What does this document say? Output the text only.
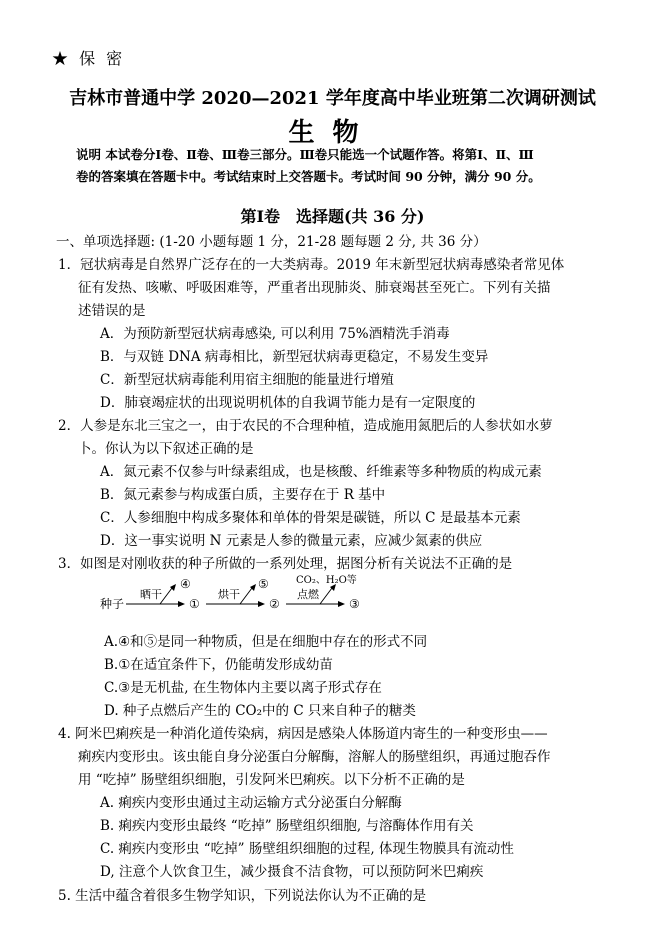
★ 保 密
吉林市普通中学 2020—2021 学年度高中毕业班第二次调研测试
生物
说明 本试卷分Ⅰ卷、Ⅱ卷、Ⅲ卷三部分。Ⅲ卷只能选一个试题作答。将第Ⅰ、Ⅱ、Ⅲ
卷的答案填在答题卡中。考试结束时上交答题卡。考试时间 90 分钟，满分 90 分。
第Ⅰ卷　选择题(共 36 分)
一、单项选择题: (1-20 小题每题 1 分，21-28 题每题 2 分, 共 36 分）
1．冠状病毒是自然界广泛存在的一大类病毒。2019 年末新型冠状病毒感染者常见体
征有发热、咳嗽、呼吸困难等，严重者出现肺炎、肺衰竭甚至死亡。下列有关描
述错误的是
A．为预防新型冠状病毒感染, 可以利用 75%酒精洗手消毒
B．与双链 DNA 病毒相比，新型冠状病毒更稳定，不易发生变异
C．新型冠状病毒能利用宿主细胞的能量进行增殖
D．肺衰竭症状的出现说明机体的自我调节能力是有一定限度的
2．人参是东北三宝之一，由于农民的不合理种植，造成施用氮肥后的人参状如水萝
卜。你认为以下叙述正确的是
A．氮元素不仅参与叶绿素组成，也是核酸、纤维素等多种物质的构成元素
B．氮元素参与构成蛋白质，主要存在于 R 基中
C．人参细胞中构成多聚体和单体的骨架是碳链，所以 C 是最基本元素
D．这一事实说明 N 元素是人参的微量元素，应减少氮素的供应
3．如图是对刚收获的种子所做的一系列处理，据图分析有关说法不正确的是
种子
晒干
④
①
烘干
⑤
②
点燃
CO₂、H₂O等
③
A.④和⑤是同一种物质，但是在细胞中存在的形式不同
B.①在适宜条件下，仍能萌发形成幼苗
C.③是无机盐, 在生物体内主要以离子形式存在
D. 种子点燃后产生的 CO₂中的 C 只来自种子的糖类
4. 阿米巴痢疾是一种消化道传染病，病因是感染人体肠道内寄生的一种变形虫——
痢疾内变形虫。该虫能自身分泌蛋白分解酶，溶解人的肠壁组织，再通过胞吞作
用 “吃掉” 肠壁组织细胞，引发阿米巴痢疾。以下分析不正确的是
A. 痢疾内变形虫通过主动运输方式分泌蛋白分解酶
B. 痢疾内变形虫最终 “吃掉” 肠壁组织细胞, 与溶酶体作用有关
C. 痢疾内变形虫 “吃掉” 肠壁组织细胞的过程, 体现生物膜具有流动性
D, 注意个人饮食卫生，减少摄食不洁食物，可以预防阿米巴痢疾
5. 生活中蕴含着很多生物学知识，下列说法你认为不正确的是
